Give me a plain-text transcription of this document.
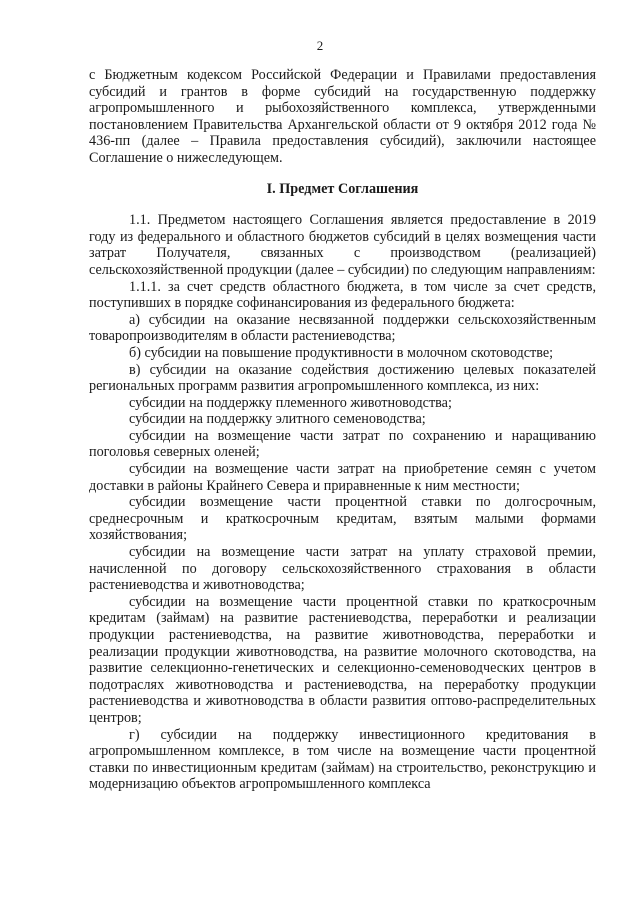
2

с Бюджетным кодексом Российской Федерации и Правилами предоставления субсидий и грантов в форме субсидий на государственную поддержку агропромышленного и рыбохозяйственного комплекса, утвержденными постановлением Правительства Архангельской области от 9 октября 2012 года № 436-пп (далее – Правила предоставления субсидий), заключили настоящее Соглашение о нижеследующем.

I. Предмет Соглашения

1.1. Предметом настоящего Соглашения является предоставление в 2019 году из федерального и областного бюджетов субсидий в целях возмещения части затрат Получателя, связанных с производством (реализацией) сельскохозяйственной продукции (далее – субсидии) по следующим направлениям:

1.1.1. за счет средств областного бюджета, в том числе за счет средств, поступивших в порядке софинансирования из федерального бюджета:

а) субсидии на оказание несвязанной поддержки сельскохозяйственным товаропроизводителям в области растениеводства;

б) субсидии на повышение продуктивности в молочном скотоводстве;

в) субсидии на оказание содействия достижению целевых показателей региональных программ развития агропромышленного комплекса, из них:

субсидии на поддержку племенного животноводства;

субсидии на поддержку элитного семеноводства;

субсидии на возмещение части затрат по сохранению и наращиванию поголовья северных оленей;

субсидии на возмещение части затрат на приобретение семян с учетом доставки в районы Крайнего Севера и приравненные к ним местности;

субсидии возмещение части процентной ставки по долгосрочным, среднесрочным и краткосрочным кредитам, взятым малыми формами хозяйствования;

субсидии на возмещение части затрат на уплату страховой премии, начисленной по договору сельскохозяйственного страхования в области растениеводства и животноводства;

субсидии на возмещение части процентной ставки по краткосрочным кредитам (займам) на развитие растениеводства, переработки и реализации продукции растениеводства, на развитие животноводства, переработки и реализации продукции животноводства, на развитие молочного скотоводства, на развитие селекционно-генетических и селекционно-семеноводческих центров в подотраслях животноводства и растениеводства, на переработку продукции растениеводства и животноводства в области развития оптово-распределительных центров;

г) субсидии на поддержку инвестиционного кредитования в агропромышленном комплексе, в том числе на возмещение части процентной ставки по инвестиционным кредитам (займам) на строительство, реконструкцию и модернизацию объектов агропромышленного комплекса
